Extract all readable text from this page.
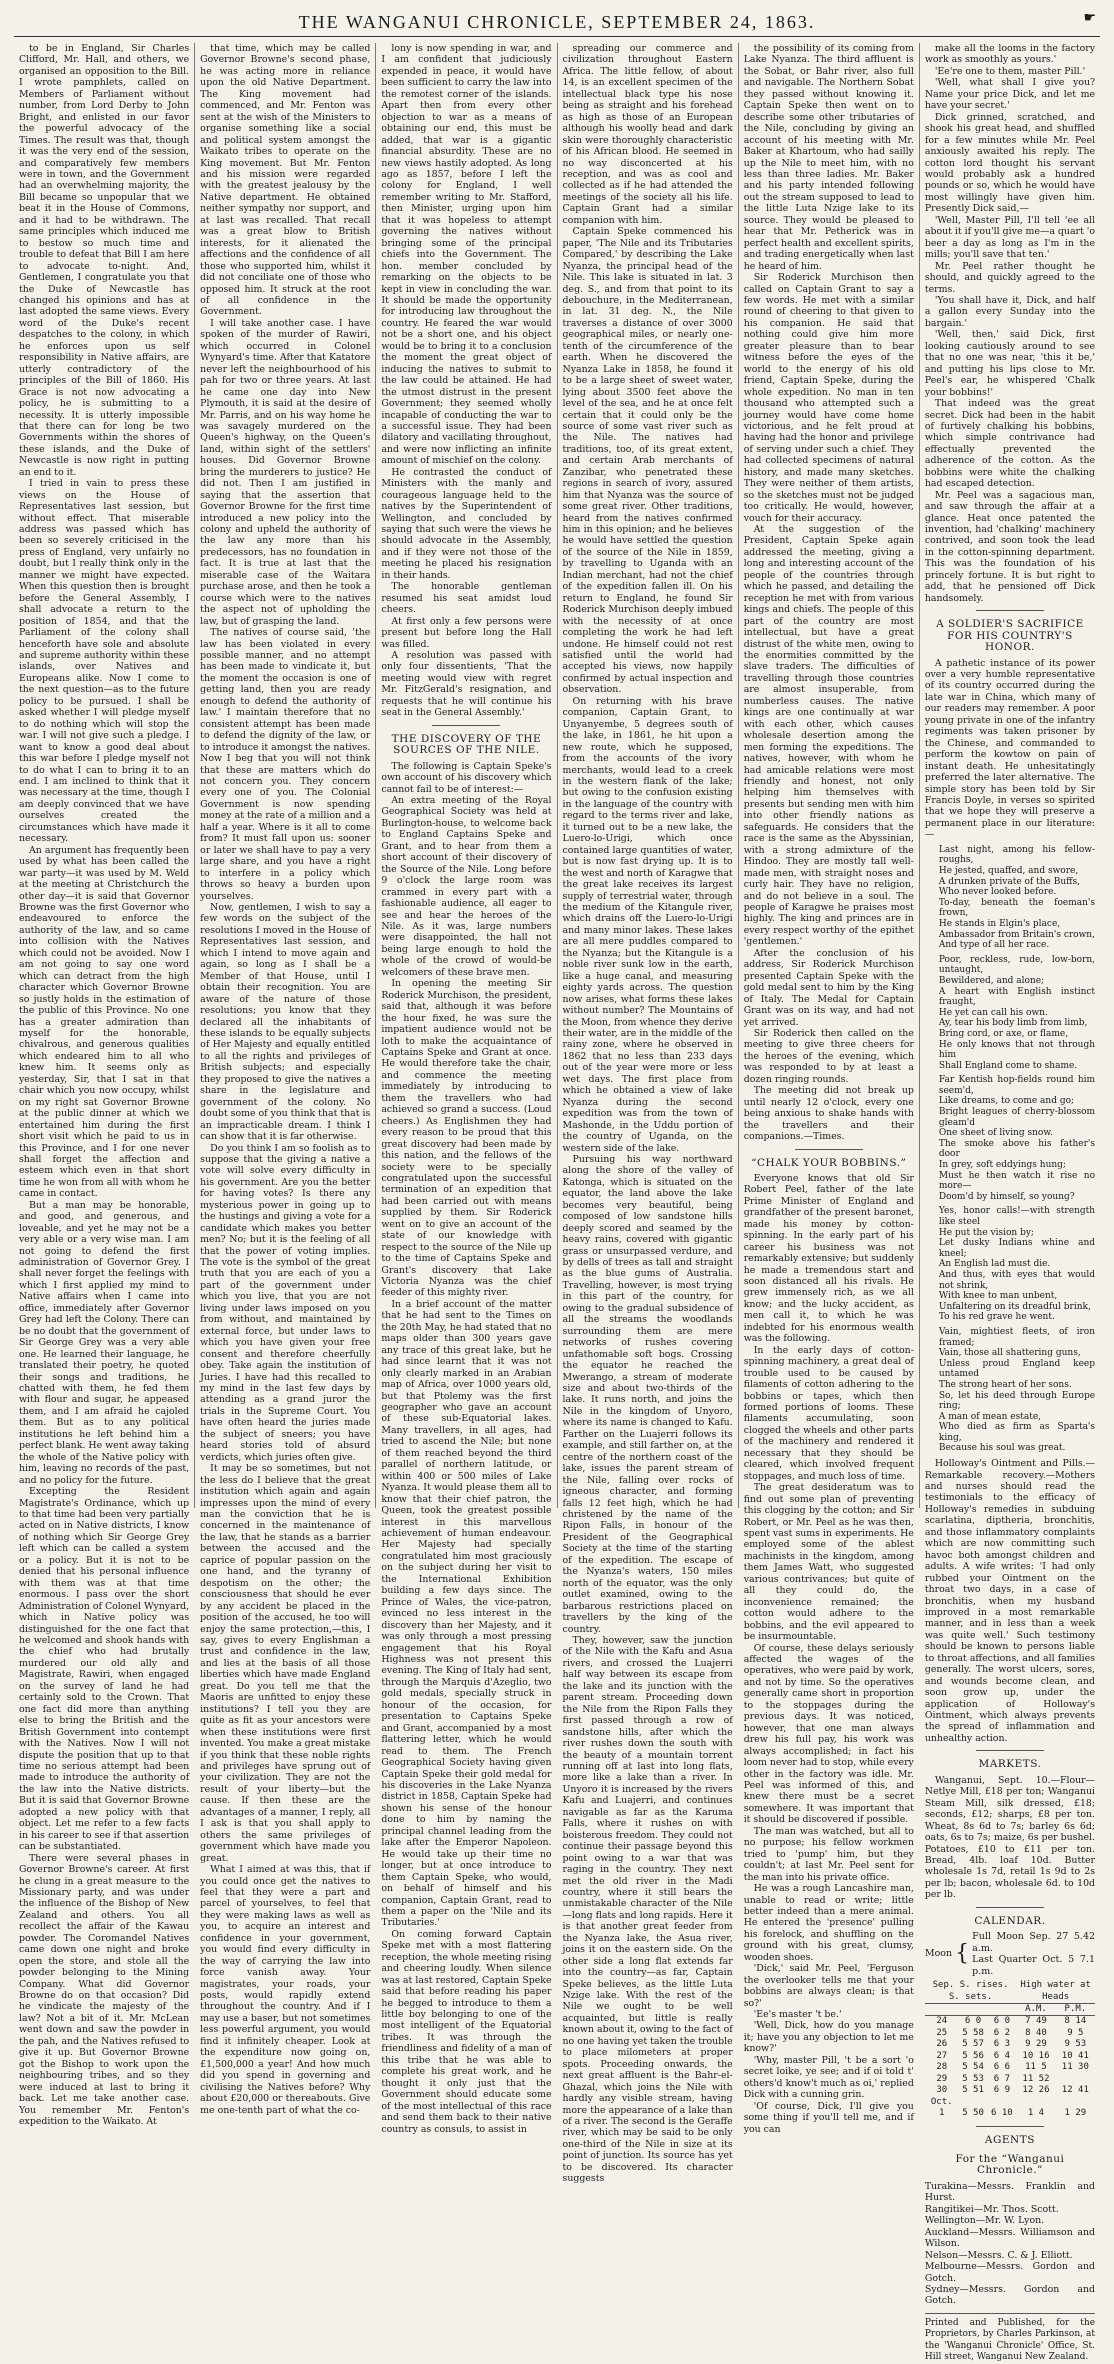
THE WANGANUI CHRONICLE, SEPTEMBER 24, 1863.	☛

to be in England, Sir Charles Clifford, Mr. Hall, and others, we organised an opposition to the Bill. I wrote pamphlets, called on Members of Parliament without number, from Lord Derby to John Bright, and enlisted in our favor the powerful advocacy of the Times. The result was that, though it was the very end of the session, and comparatively few members were in town, and the Government had an overwhelming majority, the Bill became so unpopular that we beat it in the House of Commons, and it had to be withdrawn. The same principles which induced me to bestow so much time and trouble to defeat that Bill I am here to advocate to-night. And, Gentlemen, I congratulate you that the Duke of Newcastle has changed his opinions and has at last adopted the same views. Every word of the Duke's recent despatches to the colony, in which he enforces upon us self responsibility in Native affairs, are utterly contradictory of the principles of the Bill of 1860. His Grace is not now advocating a policy, he is submitting to a necessity. It is utterly impossible that there can for long be two Governments within the shores of these islands, and the Duke of Newcastle is now right in putting an end to it.

I tried in vain to press these views on the House of Representatives last session, but without effect. That miserable address was passed which has been so severely criticised in the press of England, very unfairly no doubt, but I really think only in the manner we might have expected. When this question then is brought before the General Assembly, I shall advocate a return to the position of 1854, and that the Parliament of the colony shall henceforth have sole and absolute and supreme authority within these islands, over Natives and Europeans alike. Now I come to the next question—as to the future policy to be pursued. I shall be asked whether I will pledge myself to do nothing which will stop the war. I will not give such a pledge. I want to know a good deal about this war before I pledge myself not to do what I can to bring it to an end. I am inclined to think that it was necessary at the time, though I am deeply convinced that we have ourselves created the circumstances which have made it necessary.

An argument has frequently been used by what has been called the war party—it was used by M. Weld at the meeting at Christchurch the other day—it is said that Governor Browne was the first Governor who endeavoured to enforce the authority of the law, and so came into collision with the Natives which could not be avoided. Now I am not going to say one word which can detract from the high character which Governor Browne so justly holds in the estimation of the public of this Province. No one has a greater admiration than myself for the honorable, chivalrous, and generous qualities which endeared him to all who knew him. It seems only as yesterday, Sir, that I sat in that chair which you now occupy, whilst on my right sat Governor Browne at the public dinner at which we entertained him during the first short visit which he paid to us in this Province, and I for one never shall forget the affection and esteem which even in that short time he won from all with whom he came in contact.

But a man may be honorable, and good, and generous, and loveable, and yet he may not be a very able or a very wise man. I am not going to defend the first administration of Governor Grey. I shall never forget the feelings with which I first applied my mind to Native affairs when I came into office, immediately after Governor Grey had left the Colony. There can be no doubt that the government of Sir George Grey was a very able one. He learned their language, he translated their poetry, he quoted their songs and traditions, he chatted with them, he fed them with flour and sugar, he appeased them, and I am afraid he cajoled them. But as to any political institutions he left behind him a perfect blank. He went away taking the whole of the Native policy with him, leaving no records of the past, and no policy for the future.

Excepting the Resident Magistrate's Ordinance, which up to that time had been very partially acted on in Native districts, I know of nothing which Sir George Grey left which can be called a system or a policy. But it is not to be denied that his personal influence with them was at that time enormous. I pass over the short Administration of Colonel Wynyard, which in Native policy was distinguished for the one fact that he welcomed and shook hands with the chief who had brutally murdered our old ally and Magistrate, Rawiri, when engaged on the survey of land he had certainly sold to the Crown. That one fact did more than anything else to bring the British and the British Government into contempt with the Natives. Now I will not dispute the position that up to that time no serious attempt had been made to introduce the authority of the law into the Native districts. But it is said that Governor Browne adopted a new policy with that object. Let me refer to a few facts in his career to see if that assertion can be substantiated.

There were several phases in Governor Browne's career. At first he clung in a great measure to the Missionary party, and was under the influence of the Bishop of New Zealand and others. You all recollect the affair of the Kawau powder. The Coromandel Natives came down one night and broke open the store, and stole all the powder belonging to the Mining Company. What did Governor Browne do on that occasion? Did he vindicate the majesty of the law? Not a bit of it. Mr. McLean went down and saw the powder in the pah, and the Natives refused to give it up. But Governor Browne got the Bishop to work upon the neighbouring tribes, and so they were induced at last to bring it back. Let me take another case. You remember Mr. Fenton's expedition to the Waikato. At

that time, which may be called Governor Browne's second phase, he was acting more in reliance upon the old Native Department. The King movement had commenced, and Mr. Fenton was sent at the wish of the Ministers to organise something like a social and political system amongst the Waikato tribes to operate on the King movement. But Mr. Fenton and his mission were regarded with the greatest jealousy by the Native department. He obtained neither sympathy nor support, and at last was recalled. That recall was a great blow to British interests, for it alienated the affections and the confidence of all those who supported him, whilst it did not conciliate one of those who opposed him. It struck at the root of all confidence in the Government.

I will take another case. I have spoken of the murder of Rawiri, which occurred in Colonel Wynyard's time. After that Katatore never left the neighbourhood of his pah for two or three years. At last he came one day into New Plymouth, it is said at the desire of Mr. Parris, and on his way home he was savagely murdered on the Queen's highway, on the Queen's land, within sight of the settlers' houses. Did Governor Browne bring the murderers to justice? He did not. Then I am justified in saying that the assertion that Governor Browne for the first time introduced a new policy into the colony and upheld the authority of the law any more than his predecessors, has no foundation in fact. It is true at last that the miserable case of the Waitara purchase arose, and then he took a course which were to the natives the aspect not of upholding the law, but of grasping the land.

The natives of course said, 'the law has been violated in every possible manner, and no attempt has been made to vindicate it, but the moment the occasion is one of getting land, then you are ready enough to defend the authority of law.' I maintain therefore that no consistent attempt has been made to defend the dignity of the law, or to introduce it amongst the natives. Now I beg that you will not think that these are matters which do not concern you. They concern every one of you. The Colonial Government is now spending money at the rate of a million and a half a year. Where is it all to come from? It must fall upon us: sooner or later we shall have to pay a very large share, and you have a right to interfere in a policy which throws so heavy a burden upon yourselves.

Now, gentlemen, I wish to say a few words on the subject of the resolutions I moved in the House of Representatives last session, and which I intend to move again and again, so long as I shall be a Member of that House, until I obtain their recognition. You are aware of the nature of those resolutions; you know that they declared all the inhabitants of these islands to be equally subjects of Her Majesty and equally entitled to all the rights and privileges of British subjects; and especially they proposed to give the natives a share in the legislature and government of the colony. No doubt some of you think that that is an impracticable dream. I think I can show that it is far otherwise.

Do you think I am so foolish as to suppose that the giving a native a vote will solve every difficulty in his government. Are you the better for having votes? Is there any mysterious power in going up to the hustings and giving a vote for a candidate which makes you better men? No; but it is the feeling of all that the power of voting implies. The vote is the symbol of the great truth that you are each of you a part of the government under which you live, that you are not living under laws imposed on you from without, and maintained by external force, but under laws to which you have given your free consent and therefore cheerfully obey. Take again the institution of Juries. I have had this recalled to my mind in the last few days by attending as a grand juror the trials in the Supreme Court. You have often heard the juries made the subject of sneers; you have heard stories told of absurd verdicts, which juries often give.

It may be so sometimes, but not the less do I believe that the great institution which again and again impresses upon the mind of every man the conviction that he is concerned in the maintenance of the law, that he stands as a barrier between the accused and the caprice of popular passion on the one hand, and the tyranny of despotism on the other; the consciousness that should he ever by any accident be placed in the position of the accused, he too will enjoy the same protection,—this, I say, gives to every Englishman a trust and confidence in the law, and lies at the basis of all those liberties which have made England great. Do you tell me that the Maoris are unfitted to enjoy these institutions? I tell you they are quite as fit as your ancestors were when these institutions were first invented. You make a great mistake if you think that these noble rights and privileges have sprung out of your civilization. They are not the result of your liberty—but the cause. If then these are the advantages of a manner, I reply, all I ask is that you shall apply to others the same privileges of government which have made you great.

What I aimed at was this, that if you could once get the natives to feel that they were a part and parcel of yourselves, to feel that they were making laws as well as you, to acquire an interest and confidence in your government, you would find every difficulty in the way of carrying the law into force vanish away. Your magistrates, your roads, your posts, would rapidly extend throughout the country. And if I may use a baser, but not sometimes less powerful argument, you would find it infinitely cheaper. Look at the expenditure now going on, £1,500,000 a year! And how much did you spend in governing and civilising the Natives before? Why about £20,000 or thereabouts. Give me one-tenth part of what the co-

lony is now spending in war, and I am confident that judiciously expended in peace, it would have been sufficient to carry the law into the remotest corner of the islands. Apart then from every other objection to war as a means of obtaining our end, this must be added, that war is a gigantic financial absurdity. These are no new views hastily adopted. As long ago as 1857, before I left the colony for England, I well remember writing to Mr. Stafford, then Minister, urging upon him that it was hopeless to attempt governing the natives without bringing some of the principal chiefs into the Government. The hon. member concluded by remarking on the objects to be kept in view in concluding the war. It should be made the opportunity for introducing law throughout the country. He feared the war would not be a short one, and his object would be to bring it to a conclusion the moment the great object of inducing the natives to submit to the law could be attained. He had the utmost distrust in the present Government; they seemed wholly incapable of conducting the war to a successful issue. They had been dilatory and vacillating throughout, and were now inflicting an infinite amount of mischief on the colony.

He contrasted the conduct of Ministers with the manly and courageous language held to the natives by the Superintendent of Wellington, and concluded by saying that such were the views he should advocate in the Assembly, and if they were not those of the meeting he placed his resignation in their hands.

The honorable gentleman resumed his seat amidst loud cheers.

At first only a few persons were present but before long the Hall was filled.

A resolution was passed with only four dissentients, 'That the meeting would view with regret Mr. FitzGerald's resignation, and requests that he will continue his seat in the General Assembly.'

THE DISCOVERY OF THE SOURCES OF THE NILE.

The following is Captain Speke's own account of his discovery which cannot fail to be of interest:—

An extra meeting of the Royal Geographical Society was held at Burlington-house, to welcome back to England Captains Speke and Grant, and to hear from them a short account of their discovery of the Source of the Nile. Long before 9 o'clock the large room was crammed in every part with a fashionable audience, all eager to see and hear the heroes of the Nile. As it was, large numbers were disappointed, the hall not being large enough to hold the whole of the crowd of would-be welcomers of these brave men.

In opening the meeting Sir Roderick Murchison, the president, said that, although it was before the hour fixed, he was sure the impatient audience would not be loth to make the acquaintance of Captains Speke and Grant at once. He would therefore take the chair, and commence the meeting immediately by introducing to them the travellers who had achieved so grand a success. (Loud cheers.) As Englishmen they had every reason to be proud that this great discovery had been made by this nation, and the fellows of the society were to be specially congratulated upon the successful termination of an expedition that had been carried out with means supplied by them. Sir Roderick went on to give an account of the state of our knowledge with respect to the source of the Nile up to the time of Captains Speke and Grant's discovery that Lake Victoria Nyanza was the chief feeder of this mighty river.

In a brief account of the matter that he had sent to the Times on the 20th May, he had stated that no maps older than 300 years gave any trace of this great lake, but he had since learnt that it was not only clearly marked in an Arabian map of Africa, over 1000 years old, but that Ptolemy was the first geographer who gave an account of these sub-Equatorial lakes. Many travellers, in all ages, had tried to ascend the Nile; but none of them reached beyond the third parallel of northern latitude, or within 400 or 500 miles of Lake Nyanza. It would please them all to know that their chief patron, the Queen, took the greatest possible interest in this marvellous achievement of human endeavour. Her Majesty had specially congratulated him most graciously on the subject during her visit to the International Exhibition building a few days since. The Prince of Wales, the vice-patron, evinced no less interest in the discovery than her Majesty, and it was only through a most pressing engagement that his Royal Highness was not present this evening. The King of Italy had sent, through the Marquis d'Azeglio, two gold medals, specially struck in honour of the occasion, for presentation to Captains Speke and Grant, accompanied by a most flattering letter, which he would read to them. The French Geographical Society having given Captain Speke their gold medal for his discoveries in the Lake Nyanza district in 1858, Captain Speke had shown his sense of the honour done to him by naming the principal channel leading from the lake after the Emperor Napoleon. He would take up their time no longer, but at once introduce to them Captain Speke, who would, on behalf of himself and his companion, Captain Grant, read to them a paper on the 'Nile and its Tributaries.'

On coming forward Captain Speke met with a most flattering reception, the whole meeting rising and cheering loudly. When silence was at last restored, Captain Speke said that before reading his paper he begged to introduce to them a little boy belonging to one of the most intelligent of the Equatorial tribes. It was through the friendliness and fidelity of a man of this tribe that he was able to complete his great work, and he thought it only just that the Government should educate some of the most intellectual of this race and send them back to their native country as consuls, to assist in

spreading our commerce and civilization throughout Eastern Africa. The little fellow, of about 14, is an excellent specimen of the intellectual black type his nose being as straight and his forehead as high as those of an European although his woolly head and dark skin were thoroughly characteristic of his African blood. He seemed in no way disconcerted at his reception, and was as cool and collected as if he had attended the meetings of the society all his life. Captain Grant had a similar companion with him.

Captain Speke commenced his paper, 'The Nile and its Tributaries Compared,' by describing the Lake Nyanza, the principal head of the Nile. This lake is situated in lat. 3 deg. S., and from that point to its debouchure, in the Mediterranean, in lat. 31 deg. N., the Nile traverses a distance of over 3000 geographical miles, or nearly one-tenth of the circumference of the earth. When he discovered the Nyanza Lake in 1858, he found it to be a large sheet of sweet water, lying about 3500 feet above the level of the sea, and he at once felt certain that it could only be the source of some vast river such as the Nile. The natives had traditions, too, of its great extent, and certain Arab merchants of Zanzibar, who penetrated these regions in search of ivory, assured him that Nyanza was the source of some great river. Other traditions, heard from the natives confirmed him in this opinion; and he believes he would have settled the question of the source of the Nile in 1859, by travelling to Uganda with an Indian merchant, had not the chief of the expedition fallen ill. On his return to England, he found Sir Roderick Murchison deeply imbued with the necessity of at once completing the work he had left undone. He himself could not rest satisfied until the world had accepted his views, now happily confirmed by actual inspection and observation.

On returning with his brave companion, Captain Grant, to Unyanyembe, 5 degrees south of the lake, in 1861, he hit upon a new route, which he supposed, from the accounts of the ivory merchants, would lead to a creek in the western flank of the lake; but owing to the confusion existing in the language of the country with regard to the terms river and lake, it turned out to be a new lake, the Luero-lo-Urigi, which once contained large quantities of water, but is now fast drying up. It is to the west and north of Karagwe that the great lake receives its largest supply of terrestrial water, through the medium of the Kitangule river, which drains off the Luero-lo-Urigi and many minor lakes. These lakes are all mere puddles compared to the Nyanza; but the Kitangule is a noble river sunk low in the earth, like a huge canal, and measuring eighty yards across. The question now arises, what forms these lakes without number? The Mountains of the Moon, from whence they derive their water, are in the middle of the rainy zone, where he observed in 1862 that no less than 233 days out of the year were more or less wet days. The first place from which he obtained a view of lake Nyanza during the second expedition was from the town of Mashonde, in the Uddu portion of the country of Uganda, on the western side of the lake.

Pursuing his way northward along the shore of the valley of Katonga, which is situated on the equator, the land above the lake becomes very beautiful, being composed of low sandstone hills deeply scored and seamed by the heavy rains, covered with gigantic grass or unsurpassed verdure, and by dells of trees as tall and straight as the blue gums of Australia. Travelling, however, is most trying in this part of the country, for owing to the gradual subsidence of all the streams the woodlands surrounding them are mere networks of rushes covering unfathomable soft bogs. Crossing the equator he reached the Mwerango, a stream of moderate size and about two-thirds of the lake. It runs north, and joins the Nile in the kingdom of Unyoro, where its name is changed to Kafu. Farther on the Luajerri follows its example, and still farther on, at the centre of the northern coast of the lake, issues the parent stream of the Nile, falling over rocks of igneous character, and forming falls 12 feet high, which he had christened by the name of the Ripon Falls, in honour of the President of the Geographical Society at the time of the starting of the expedition. The escape of the Nyanza's waters, 150 miles north of the equator, was the only outlet examined, owing to the barbarous restrictions placed on travellers by the king of the country.

They, however, saw the junction of the Nile with the Kafu and Asua rivers, and crossed the Luajerri half way between its escape from the lake and its junction with the parent stream. Proceeding down the Nile from the Ripon Falls they first passed through a row of sandstone hills, after which the river rushes down the south with the beauty of a mountain torrent running off at last into long flats, more like a lake than a river. In Unyoro it is increased by the rivers Kafu and Luajerri, and continues navigable as far as the Karuma Falls, where it rushes on with boisterous freedom. They could not continue their passage beyond this point owing to a war that was raging in the country. They next met the old river in the Madi country, where it still bears the unmistakable character of the Nile—long flats and long rapids. Here it is that another great feeder from the Nyanza lake, the Asua river, joins it on the eastern side. On the other side a long flat extends far into the country—as far, Captain Speke believes, as the little Luta Nzige lake. With the rest of the Nile we ought to be well acquainted, but little is really known about it, owing to the fact of no one having yet taken the trouble to place milometers at proper spots. Proceeding onwards, the next great affluent is the Bahr-el-Ghazal, which joins the Nile with hardly any visible stream, having more the appearance of a lake than of a river. The second is the Geraffe river, which may be said to be only one-third of the Nile in size at its point of junction. Its source has yet to be discovered. Its character suggests

the possibility of its coming from Lake Nyanza. The third affluent is the Sobat, or Bahr river, also full and navigable. The Northern Sobat they passed without knowing it. Captain Speke then went on to describe some other tributaries of the Nile, concluding by giving an account of his meeting with Mr. Baker at Khartoum, who had sailly up the Nile to meet him, with no less than three ladies. Mr. Baker and his party intended following out the stream supposed to lead to the little Luta Nzige lake to its source. They would be pleased to hear that Mr. Petherick was in perfect health and excellent spirits, and trading energetically when last he heard of him.

Sir Roderick Murchison then called on Captain Grant to say a few words. He met with a similar round of cheering to that given to his companion. He said that nothing could give him more greater pleasure than to bear witness before the eyes of the world to the energy of his old friend, Captain Speke, during the whole expedition. No man in ten thousand who attempted such a journey would have come home victorious, and he felt proud at having had the honor and privilege of serving under such a chief. They had collected specimens of natural history, and made many sketches. They were neither of them artists, so the sketches must not be judged too critically. He would, however, vouch for their accuracy.

At the suggestion of the President, Captain Speke again addressed the meeting, giving a long and interesting account of the people of the countries through which he passed, and detailing the reception he met with from various kings and chiefs. The people of this part of the country are most intellectual, but have a great distrust of the white men, owing to the enormities committed by the slave traders. The difficulties of travelling through those countries are almost insuperable, from numberless causes. The native kings are one continually at war with each other, which causes wholesale desertion among the men forming the expeditions. The natives, however, with whom he had amicable relations were most friendly and honest, not only helping him themselves with presents but sending men with him into other friendly nations as safeguards. He considers that the race is the same as the Abyssinian, with a strong admixture of the Hindoo. They are mostly tall well-made men, with straight noses and curly hair. They have no religion, and do not believe in a soul. The people of Karagwe he praises most highly. The king and princes are in every respect worthy of the epithet 'gentlemen.'

After the conclusion of his address, Sir Roderick Murchison presented Captain Speke with the gold medal sent to him by the King of Italy. The Medal for Captain Grant was on its way, and had not yet arrived.

Sir Roderick then called on the meeting to give three cheers for the heroes of the evening, which was responded to by at least a dozen ringing rounds.

The meeting did not break up until nearly 12 o'clock, every one being anxious to shake hands with the travellers and their companions.—Times.

“CHALK YOUR BOBBINS.”

Everyone knows that old Sir Robert Peel, father of the late Prime Minister of England and grandfather of the present baronet, made his money by cotton-spinning. In the early part of his career his business was not remarkably extensive; but suddenly he made a tremendous start and soon distanced all his rivals. He grew immensely rich, as we all know; and the lucky accident, as men call it, to which he was indebted for his enormous wealth was the following.

In the early days of cotton-spinning machinery, a great deal of trouble used to be caused by filaments of cotton adhering to the bobbins or tapes, which then formed portions of looms. These filaments accumulating, soon clogged the wheels and other parts of the machinery and rendered it necessary that they should be cleared, which involved frequent stoppages, and much loss of time.

The great desideratum was to find out some plan of preventing this clogging by the cotton; and Sir Robert, or Mr. Peel as he was then, spent vast sums in experiments. He employed some of the ablest machinists in the kingdom, among them James Watt, who suggested various contrivances; but quite of all they could do, the inconvenience remained; the cotton would adhere to the bobbins, and the evil appeared to be insurmountable.

Of course, these delays seriously affected the wages of the operatives, who were paid by work, and not by time. So the operatives generally came short in proportion to the stoppages during the previous days. It was noticed, however, that one man always drew his full pay, his work was always accomplished; in fact his loom never had to stop, while every other in the factory was idle. Mr. Peel was informed of this, and knew there must be a secret somewhere. It was important that it should be discovered if possible.

The man was watched, but all to no purpose; his fellow workmen tried to 'pump' him, but they couldn't; at last Mr. Peel sent for the man into his private office.

He was a rough Lancashire man, unable to read or write; little better indeed than a mere animal. He entered the 'presence' pulling his forelock, and shuffling on the ground with his great, clumsy, wooden shoes.

'Dick,' said Mr. Peel, 'Ferguson the overlooker tells me that your bobbins are always clean; is that so?'

'Ee's master 't be.'

'Well, Dick, how do you manage it; have you any objection to let me know?'

'Why, master Pill, 't be a sort 'o secret loike, ye see; and if oi told t' others'd know't much as oi,' replied Dick with a cunning grin.

'Of course, Dick, I'll give you some thing if you'll tell me, and if you can

make all the looms in the factory work as smoothly as yours.'

'Ee're one to them, master Pill.'

'Well, what shall I give you? Name your price Dick, and let me have your secret.'

Dick grinned, scratched, and shook his great head, and shuffled for a few minutes while Mr. Peel anxiously awaited his reply. The cotton lord thought his servant would probably ask a hundred pounds or so, which he would have most willingly have given him. Presently Dick said,—

'Well, Master Pill, I'll tell 'ee all about it if you'll give me—a quart 'o beer a day as long as I'm in the mills; you'll save that ten.'

Mr. Peel rather thought he should, and quickly agreed to the terms.

'You shall have it, Dick, and half a gallon every Sunday into the bargain.'

'Well, then,' said Dick, first looking cautiously around to see that no one was near, 'this it be,' and putting his lips close to Mr. Peel's ear, he whispered 'Chalk your bobbins!'

That indeed was the great secret. Dick had been in the habit of furtively chalking his bobbins, which simple contrivance had effectually prevented the adherence of the cotton. As the bobbins were white the chalking had escaped detection.

Mr. Peel was a sagacious man, and saw through the affair at a glance. Heat once patented the invention, had 'chalking' machinery contrived, and soon took the lead in the cotton-spinning department. This was the foundation of his princely fortune. It is but right to add, that he pensioned off Dick handsomely.

A SOLDIER'S SACRIFICE FOR HIS COUNTRY'S HONOR.

A pathetic instance of its power over a very humble representative of its country occurred during the late war in China, which many of our readers may remember. A poor young private in one of the infantry regiments was taken prisoner by the Chinese, and commanded to perform the kowtow on pain of instant death. He unhesitatingly preferred the later alternative. The simple story has been told by Sir Francis Doyle, in verses so spirited that we hope they will preserve a permanent place in our literature:—

Last night, among his fellow-roughs,
He jested, quaffed, and swore,
A drunken private of the Buffs,
Who never looked before.
To-day, beneath the foeman's frown,
He stands in Elgin's place,
Ambassador from Britain's crown,
And type of all her race.
Poor, reckless, rude, low-born, untaught,
Bewildered, and alone;
A heart with English instinct fraught,
He yet can call his own.
Ay, tear his body limb from limb,
Bring cord, or axe, or flame,
He only knows that not through him
Shall England come to shame.
Far Kentish hop-fields round him seem'd,
Like dreams, to come and go;
Bright leagues of cherry-blossom gleam'd
One sheet of living snow.
The smoke above his father's door
In grey, soft eddyings hung;
Must he then watch it rise no more—
Doom'd by himself, so young?
Yes, honor calls!—with strength like steel
He put the vision by;
Let dusky Indians whine and kneel;
An English lad must die.
And thus, with eyes that would not shrink,
With knee to man unbent,
Unfaltering on its dreadful brink,
To his red grave he went.
Vain, mightiest fleets, of iron framed;
Vain, those all shattering guns,
Unless proud England keep untamed
The strong heart of her sons.
So, let his deed through Europe ring;
A man of mean estate,
Who died as firm as Sparta's king,
Because his soul was great.

Holloway's Ointment and Pills.—Remarkable recovery.—Mothers and nurses should read the testimonials to the efficacy of Holloway's remedies in subduing scarlatina, diptheria, bronchitis, and those inflammatory complaints which are now committing such havoc both amongst children and adults. A wife writes: 'I had only rubbed your Ointment on the throat two days, in a case of bronchitis, when my husband improved in a most remarkable manner, and in less than a week was quite well.' Such testimony should be known to persons liable to throat affections, and all families generally. The worst ulcers, sores, and wounds become clean, and soon grow up, under the application of Holloway's Ointment, which always prevents the spread of inflammation and unhealthy action.

MARKETS.

Wanganui, Sept. 10.—Flour—Netlye Mill, £18 per ton; Wanganui Steam Mill, silk dressed, £18; seconds, £12; sharps, £8 per ton. Wheat, 8s 6d to 7s; barley 6s 6d; oats, 6s to 7s; maize, 6s per bushel. Potatoes, £10 to £11 per ton. Bread, 4lb. loaf 10d. Butter wholesale 1s 7d, retail 1s 9d to 2s per lb; bacon, wholesale 6d. to 10d per lb.

CALENDAR.
Moon {
Full Moon Sep. 27 5.42 a.m.
Last Quarter Oct. 5 7.1 p.m.
Sep. S. rises. S. sets.			High water at Heads	
			A.M.	P.M.
24	6 0	6 0	7 49	8 14
25	5 58	6 2	8 40	9 5
26	5 57	6 3	9 29	9 53
27	5 56	6 4	10 16	10 41
28	5 54	6 6	11 5	11 30
29	5 53	6 7	11 52	
30	5 51	6 9	12 26	12 41
Oct.				
1	5 50	6 10	1 4	1 29
AGENTS
For the “Wanganui Chronicle.”

Turakina—Messrs. Franklin and Hurst.

Rangitikei—Mr. Thos. Scott.

Wellington—Mr. W. Lyon.

Auckland—Messrs. Williamson and Wilson.

Nelson—Messrs. C. & J. Elliott.

Melbourne—Messrs. Gordon and Gotch.

Sydney—Messrs. Gordon and Gotch.

Printed and Published, for the Proprietors, by Charles Parkinson, at the 'Wanganui Chronicle' Office, St. Hill street, Wanganui New Zealand.
